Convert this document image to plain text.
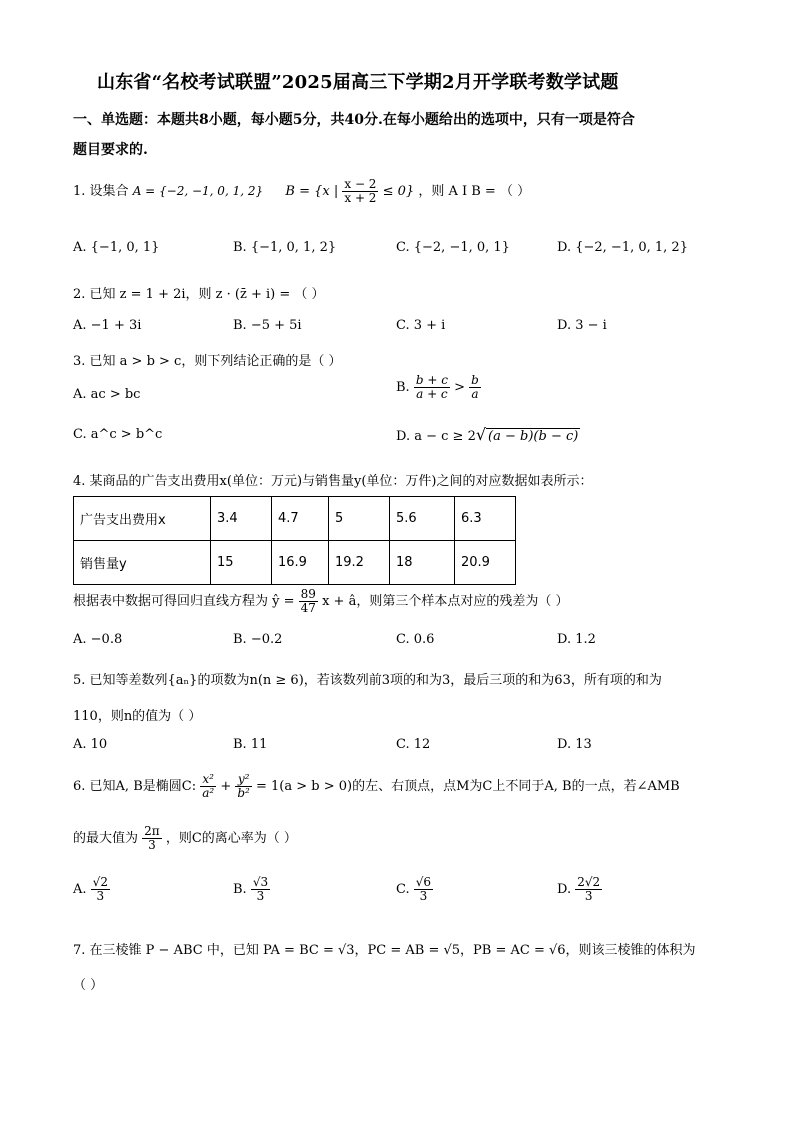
山东省“名校考试联盟”2025届高三下学期2月开学联考数学试题
一、单选题：本题共8小题，每小题5分，共40分.在每小题给出的选项中，只有一项是符合
题目要求的.
1. 设集合 A = {−2, −1, 0, 1, 2} B = {x | $\frac{x - 2}{x + 2} \le 0$} ，则 A I B = （ ）
A. {−1, 0, 1}	B. {−1, 0, 1, 2}	C. {−2, −1, 0, 1}	D. {−2, −1, 0, 1, 2}
2. 已知 z = 1 + 2i，则 z · (z̄ + i) = （ ）
A. −1 + 3i	B. −5 + 5i	C. 3 + i	D. 3 − i
3. 已知 a > b > c，则下列结论正确的是（ ）
A. ac > bc	B. $\frac{b + c}{a + c} > \frac{b}{a}$
C. a^c > b^c	D. a − c ≥ 2√ (a − b)(b − c)
4. 某商品的广告支出费用x(单位：万元)与销售量y(单位：万件)之间的对应数据如表所示：
广告支出费用x	3.4	4.7	5	5.6	6.3
销售量y	15	16.9	19.2	18	20.9
根据表中数据可得回归直线方程为 ŷ = $\frac{89}{47}$ x + â，则第三个样本点对应的残差为（ ）
A. −0.8	B. −0.2	C. 0.6	D. 1.2
5. 已知等差数列{aₙ}的项数为n(n ≥ 6)，若该数列前3项的和为3，最后三项的和为63，所有项的和为
110，则n的值为（ ）
A. 10	B. 11	C. 12	D. 13
6. 已知A, B是椭圆C: $\frac{\text{x²}}{\text{a²}} + \frac{\text{y²}}{\text{b²}} = 1(a > b > 0)$的左、右顶点，点M为C上不同于A, B的一点，若∠AMB
的最大值为 $\frac{2\pi}{3}$ ，则C的离心率为（ ）
A. $\frac{√2}{3}$	B. $\frac{√3}{3}$	C. $\frac{√6}{3}$	D. $\frac{2√2}{3}$
7. 在三棱锥 P − ABC 中，已知 PA = BC = √3，PC = AB = √5，PB = AC = √6，则该三棱锥的体积为
（ ）
